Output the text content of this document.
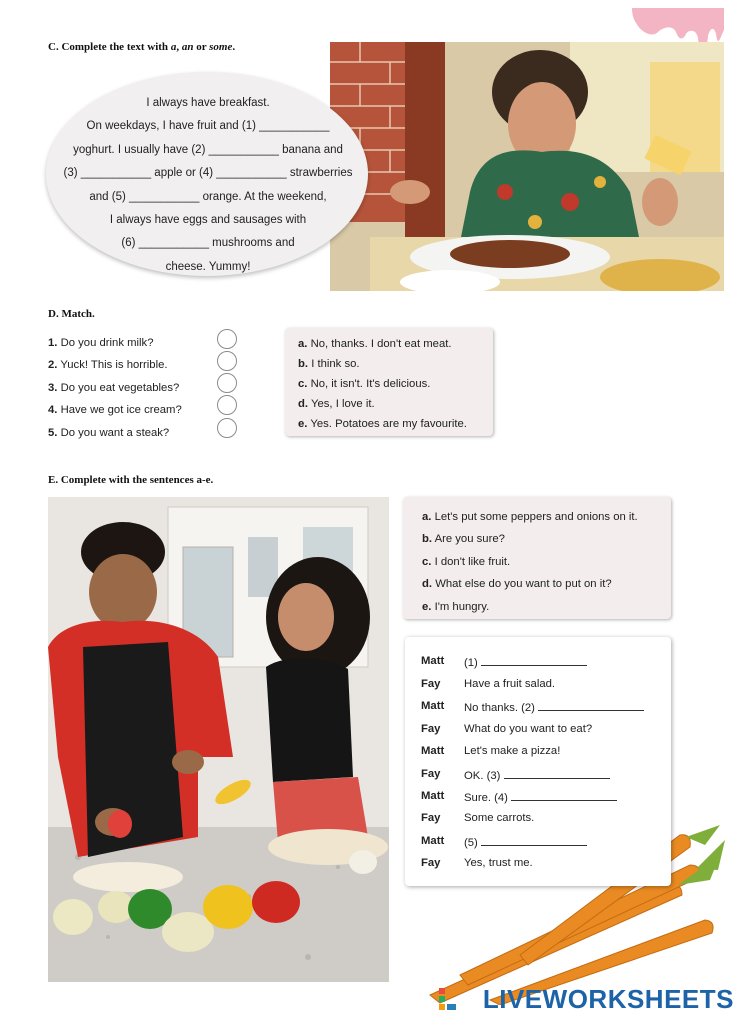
C. Complete the text with a, an or some.
I always have breakfast.
On weekdays, I have fruit and (1) ___________
yoghurt. I usually have (2) ___________ banana and
(3) ___________ apple or (4) ___________ strawberries
and (5) ___________ orange. At the weekend,
I always have eggs and sausages with
(6) ___________ mushrooms and
cheese. Yummy!
D. Match.
1. Do you drink milk?
2. Yuck! This is horrible.
3. Do you eat vegetables?
4. Have we got ice cream?
5. Do you want a steak?
a. No, thanks. I don't eat meat.
b. I think so.
c. No, it isn't. It's delicious.
d. Yes, I love it.
e. Yes. Potatoes are my favourite.
E. Complete with the sentences a-e.
a. Let's put some peppers and onions on it.
b. Are you sure?
c. I don't like fruit.
d. What else do you want to put on it?
e. I'm hungry.
Matt (1)
Fay Have a fruit salad.
Matt No thanks. (2)
Fay What do you want to eat?
Matt Let's make a pizza!
Fay OK. (3)
Matt Sure. (4)
Fay Some carrots.
Matt (5)
Fay Yes, trust me.
LIVEWORKSHEETS
